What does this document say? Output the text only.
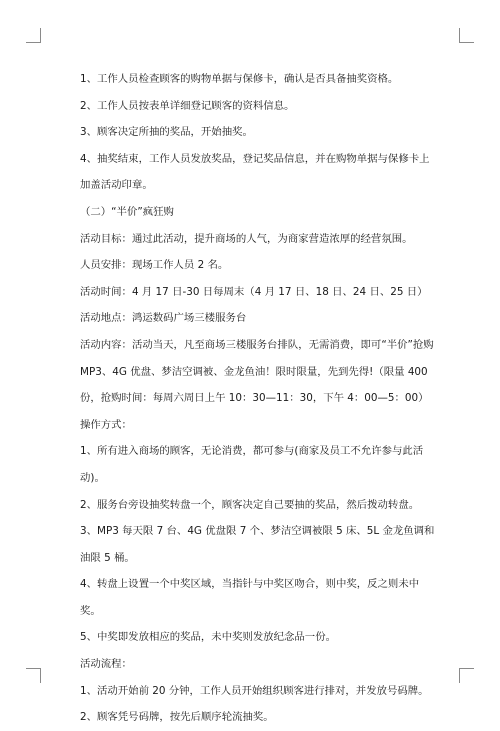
1、工作人员检查顾客的购物单据与保修卡，确认是否具备抽奖资格。

2、工作人员按表单详细登记顾客的资料信息。

3、顾客决定所抽的奖品，开始抽奖。

4、抽奖结束，工作人员发放奖品，登记奖品信息，并在购物单据与保修卡上加盖活动印章。

（二）“半价”疯狂购

活动目标：通过此活动，提升商场的人气，为商家营造浓厚的经营氛围。

人员安排：现场工作人员 2 名。

活动时间：4 月 17 日-30 日每周末（4 月 17 日、18 日、24 日、25 日）

活动地点：鸿运数码广场三楼服务台

活动内容：活动当天，凡至商场三楼服务台排队，无需消费，即可“半价”抢购MP3、4G 优盘、梦洁空调被、金龙鱼油！限时限量，先到先得!（限量 400 份，抢购时间：每周六周日上午 10：30—11：30，下午 4：00—5：00）

操作方式：

1、所有进入商场的顾客，无论消费，都可参与(商家及员工不允许参与此活动)。

2、服务台旁设抽奖转盘一个，顾客决定自己要抽的奖品，然后拨动转盘。

3、MP3 每天限 7 台、4G 优盘限 7 个、梦洁空调被限 5 床、5L 金龙鱼调和油限 5 桶。

4、转盘上设置一个中奖区域，当指针与中奖区吻合，则中奖，反之则未中奖。

5、中奖即发放相应的奖品，未中奖则发放纪念品一份。

活动流程：

1、活动开始前 20 分钟，工作人员开始组织顾客进行排对，并发放号码牌。

2、顾客凭号码牌，按先后顺序轮流抽奖。
